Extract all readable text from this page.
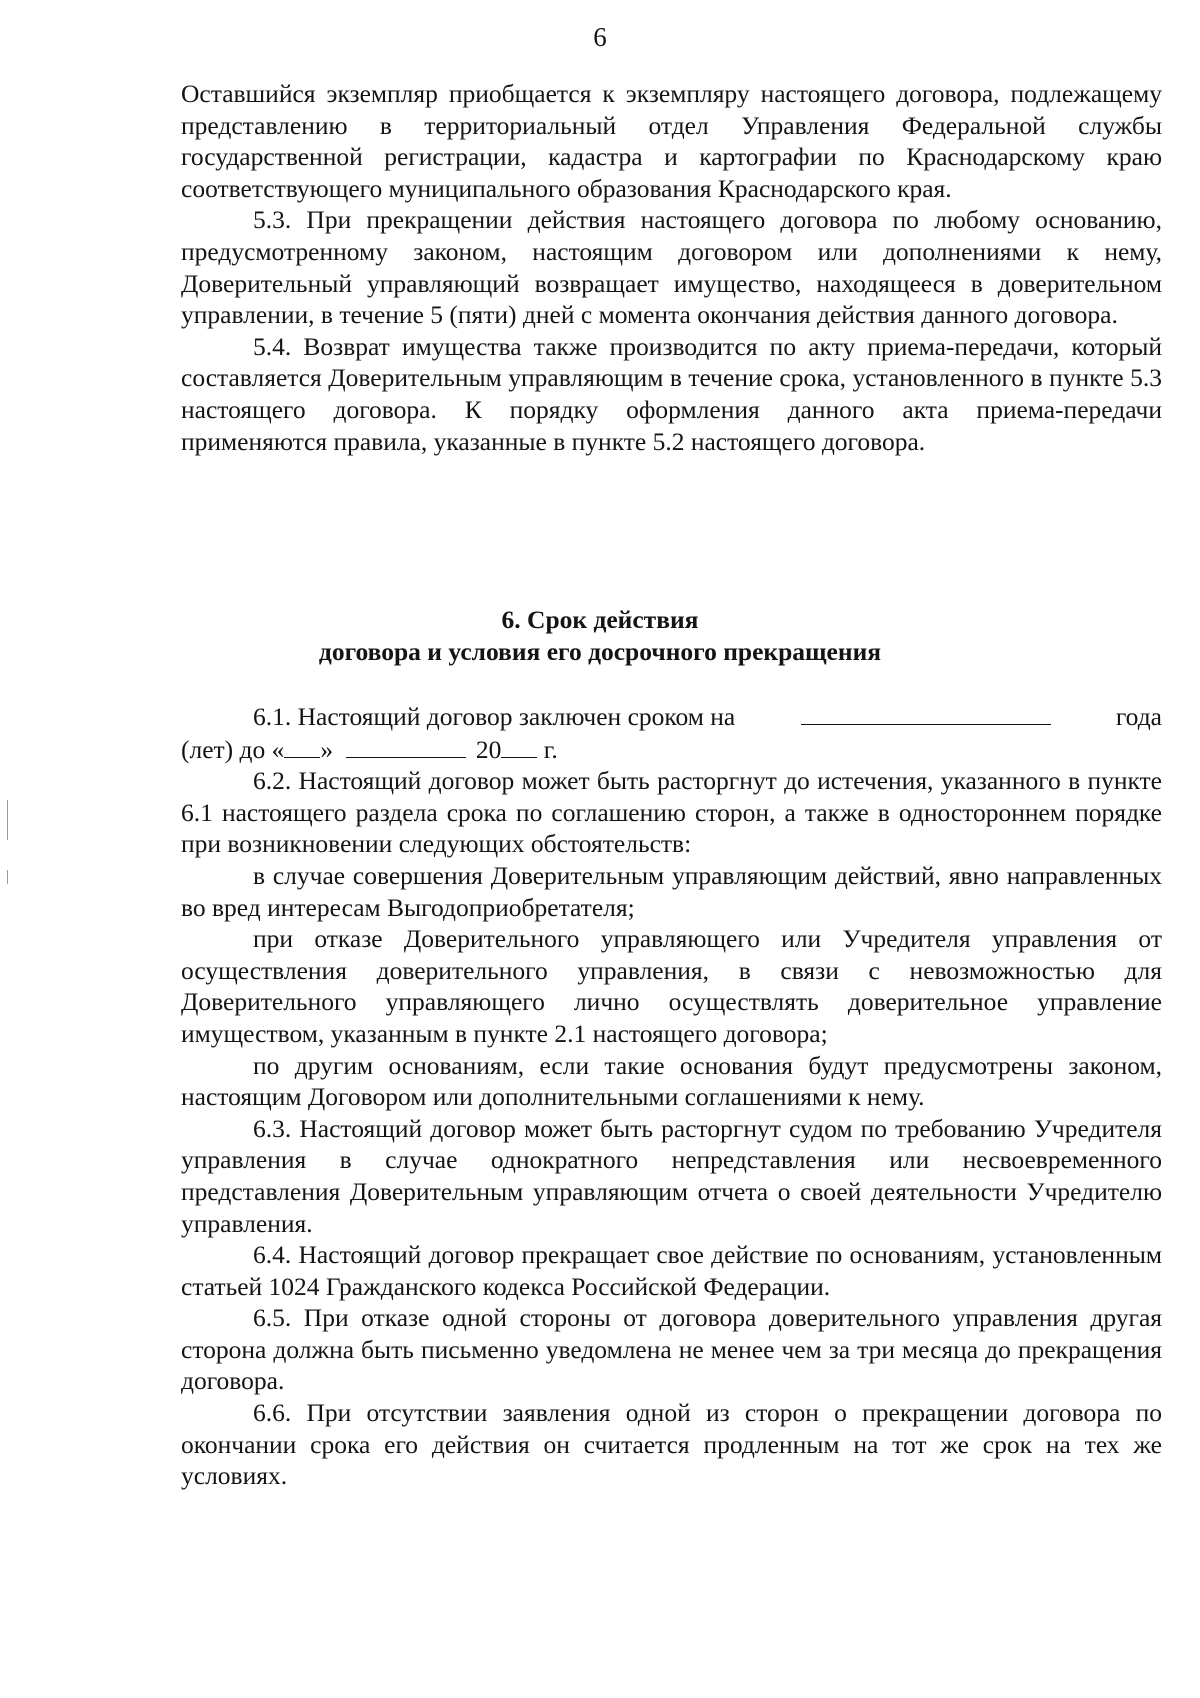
6

Оставшийся экземпляр приобщается к экземпляру настоящего договора, подлежащему представлению в территориальный отдел Управления Федеральной службы государственной регистрации, кадастра и картографии по Краснодарскому краю соответствующего муниципального образования Краснодарского края.

5.3. При прекращении действия настоящего договора по любому основанию, предусмотренному законом, настоящим договором или дополнениями к нему, Доверительный управляющий возвращает имущество, находящееся в доверительном управлении, в течение 5 (пяти) дней с момента окончания действия данного договора.

5.4. Возврат имущества также производится по акту приема-передачи, который составляется Доверительным управляющим в течение срока, установленного в пункте 5.3 настоящего договора. К порядку оформления данного акта приема-передачи применяются правила, указанные в пункте 5.2 настоящего договора.

6. Срок действия
договора и условия его досрочного прекращения

6.1. Настоящий договор заключен сроком на	года

(лет) до « »	20 г.

6.2. Настоящий договор может быть расторгнут до истечения, указанного в пункте 6.1 настоящего раздела срока по соглашению сторон, а также в одностороннем порядке при возникновении следующих обстоятельств:

в случае совершения Доверительным управляющим действий, явно направленных во вред интересам Выгодоприобретателя;

при отказе Доверительного управляющего или Учредителя управления от осуществления доверительного управления, в связи с невозможностью для Доверительного управляющего лично осуществлять доверительное управление имуществом, указанным в пункте 2.1 настоящего договора;

по другим основаниям, если такие основания будут предусмотрены законом, настоящим Договором или дополнительными соглашениями к нему.

6.3. Настоящий договор может быть расторгнут судом по требованию Учредителя управления в случае однократного непредставления или несвоевременного представления Доверительным управляющим отчета о своей деятельности Учредителю управления.

6.4. Настоящий договор прекращает свое действие по основаниям, установленным статьей 1024 Гражданского кодекса Российской Федерации.

6.5. При отказе одной стороны от договора доверительного управления другая сторона должна быть письменно уведомлена не менее чем за три месяца до прекращения договора.

6.6. При отсутствии заявления одной из сторон о прекращении договора по окончании срока его действия он считается продленным на тот же срок на тех же условиях.
